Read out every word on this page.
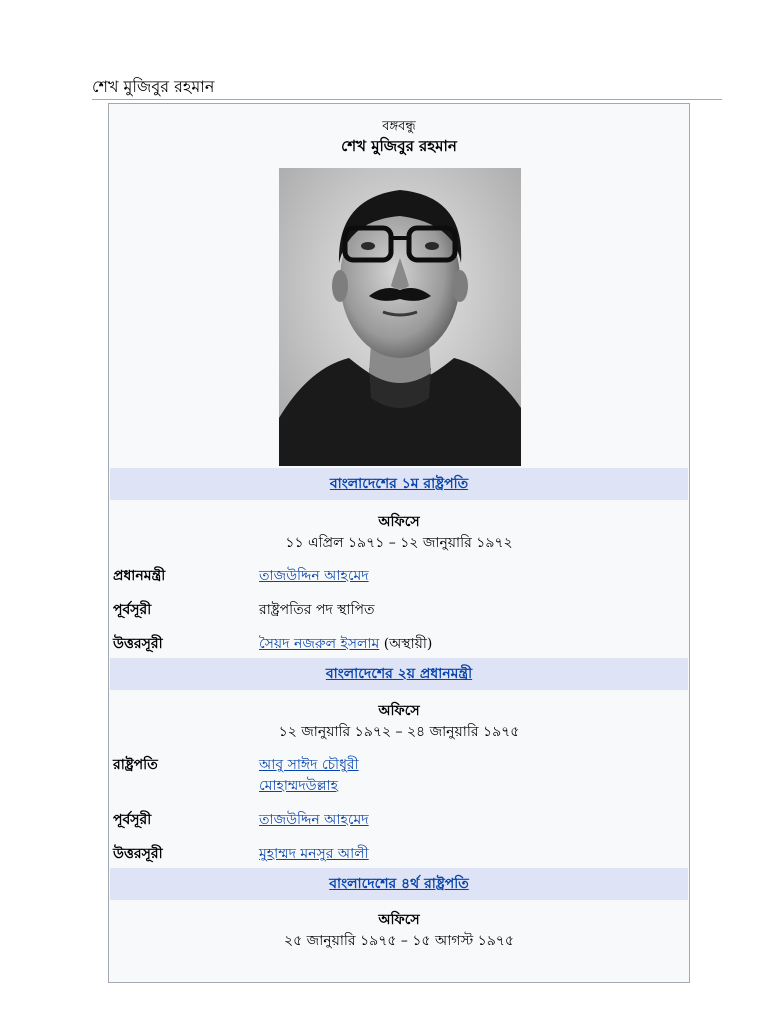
শেখ মুজিবুর রহমান
বঙ্গবন্ধু
শেখ মুজিবুর রহমান
বাংলাদেশের ১ম রাষ্ট্রপতি
অফিসে
১১ এপ্রিল ১৯৭১ – ১২ জানুয়ারি ১৯৭২
প্রধানমন্ত্রী	তাজউদ্দিন আহমেদ
পূর্বসূরী	রাষ্ট্রপতির পদ স্থাপিত
উত্তরসূরী	সৈয়দ নজরুল ইসলাম (অস্থায়ী)
বাংলাদেশের ২য় প্রধানমন্ত্রী
অফিসে
১২ জানুয়ারি ১৯৭২ – ২৪ জানুয়ারি ১৯৭৫
রাষ্ট্রপতি	আবু সাঈদ চৌধুরী
মোহাম্মদউল্লাহ
পূর্বসূরী	তাজউদ্দিন আহমেদ
উত্তরসূরী	মুহাম্মদ মনসুর আলী
বাংলাদেশের ৪র্থ রাষ্ট্রপতি
অফিসে
২৫ জানুয়ারি ১৯৭৫ – ১৫ আগস্ট ১৯৭৫
